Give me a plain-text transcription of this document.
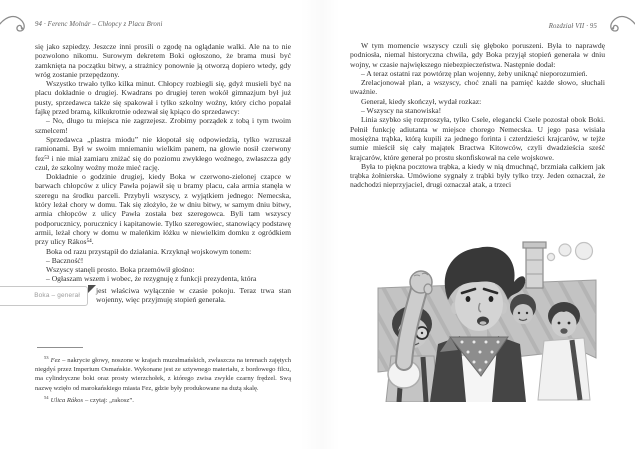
94 · Ferenc Molnár – Chłopcy z Placu Broni

się jako szpiedzy. Jeszcze inni prosili o zgodę na oglądanie walki. Ale na to nie pozwolono nikomu. Surowym dekretem Boki ogłoszono, że brama musi być zamknięta na początku bitwy, a strażnicy ponownie ją otworzą dopiero wtedy, gdy wróg zostanie przepędzony.

Wszystko trwało tylko kilka minut. Chłopcy rozbiegli się, gdyż musieli być na placu dokładnie o drugiej. Kwadrans po drugiej teren wokół gimnazjum był już pusty, sprzedawca także się spakował i tylko szkolny woźny, który cicho popalał fajkę przed bramą, kilkukrotnie odezwał się kpiąco do sprzedawcy:

– No, długo tu miejsca nie zagrzejesz. Zrobimy porządek z tobą i tym twoim szmelcem!

Sprzedawca „plastra miodu” nie kłopotał się odpowiedzią, tylko wzruszał ramionami. Był w swoim mniemaniu wielkim panem, na głowie nosił czerwony fez⁵³ i nie miał zamiaru zniżać się do poziomu zwykłego woźnego, zwłaszcza gdy czuł, że szkolny woźny może mieć rację.

Dokładnie o godzinie drugiej, kiedy Boka w czerwono-zielonej czapce w barwach chłopców z ulicy Pawła pojawił się u bramy placu, cała armia stanęła w szeregu na środku parceli. Przybyli wszyscy, z wyjątkiem jednego: Nemecska, który leżał chory w domu. Tak się złożyło, że w dniu bitwy, w samym dniu bitwy, armia chłopców z ulicy Pawła została bez szeregowca. Byli tam wszyscy podporucznicy, porucznicy i kapitanowie. Tylko szeregowiec, stanowiący podstawę armii, leżał chory w domu w maleńkim łóżku w niewielkim domku z ogródkiem przy ulicy Rákos⁵⁴.

Boka od razu przystąpił do działania. Krzyknął wojskowym tonem:

– Baczność!

Wszyscy stanęli prosto. Boka przemówił głośno:

– Ogłaszam wszem i wobec, że rezygnuję z funkcji prezydenta, która

Boka – generał
jest właściwa wyłącznie w czasie pokoju. Teraz trwa stan wojenny, więc przyjmuję stopień generała.

$^{53}$ Fez – nakrycie głowy, noszone w krajach muzułmańskich, zwłaszcza na terenach zajętych niegdyś przez Imperium Osmańskie. Wykonane jest ze sztywnego materiału, z bordowego filcu, ma cylindryczne boki oraz prosty wierzchołek, z którego zwisa zwykle czarny frędzel. Swą nazwę wzięło od marokańskiego miasta Fez, gdzie były produkowane na dużą skalę.

$^{54}$ Ulica Rákos – czytaj: „rakosz”.

Rozdział VII · 95

W tym momencie wszyscy czuli się głęboko poruszeni. Była to naprawdę podniosła, niemal historyczna chwila, gdy Boka przyjął stopień generała w dniu wojny, w czasie największego niebezpieczeństwa. Następnie dodał:

– A teraz ostatni raz powtórzę plan wojenny, żeby uniknąć nieporozumień.

Zrelacjonował plan, a wszyscy, choć znali na pamięć każde słowo, słuchali uważnie.

Generał, kiedy skończył, wydał rozkaz:

– Wszyscy na stanowiska!

Linia szybko się rozproszyła, tylko Csele, elegancki Csele pozostał obok Boki. Pełnił funkcję adiutanta w miejsce chorego Nemecska. U jego pasa wisiała mosiężna trąbka, którą kupili za jednego forinta i czterdzieści krajcarów, w tejże sumie mieścił się cały majątek Bractwa Kitowców, czyli dwadzieścia sześć krajcarów, które generał po prostu skonfiskował na cele wojskowe.

Była to piękna pocztowa trąbka, a kiedy w nią dmuchnąć, brzmiała całkiem jak trąbka żołnierska. Umówione sygnały z trąbki były tylko trzy. Jeden oznaczał, że nadchodzi nieprzyjaciel, drugi oznaczał atak, a trzeci
